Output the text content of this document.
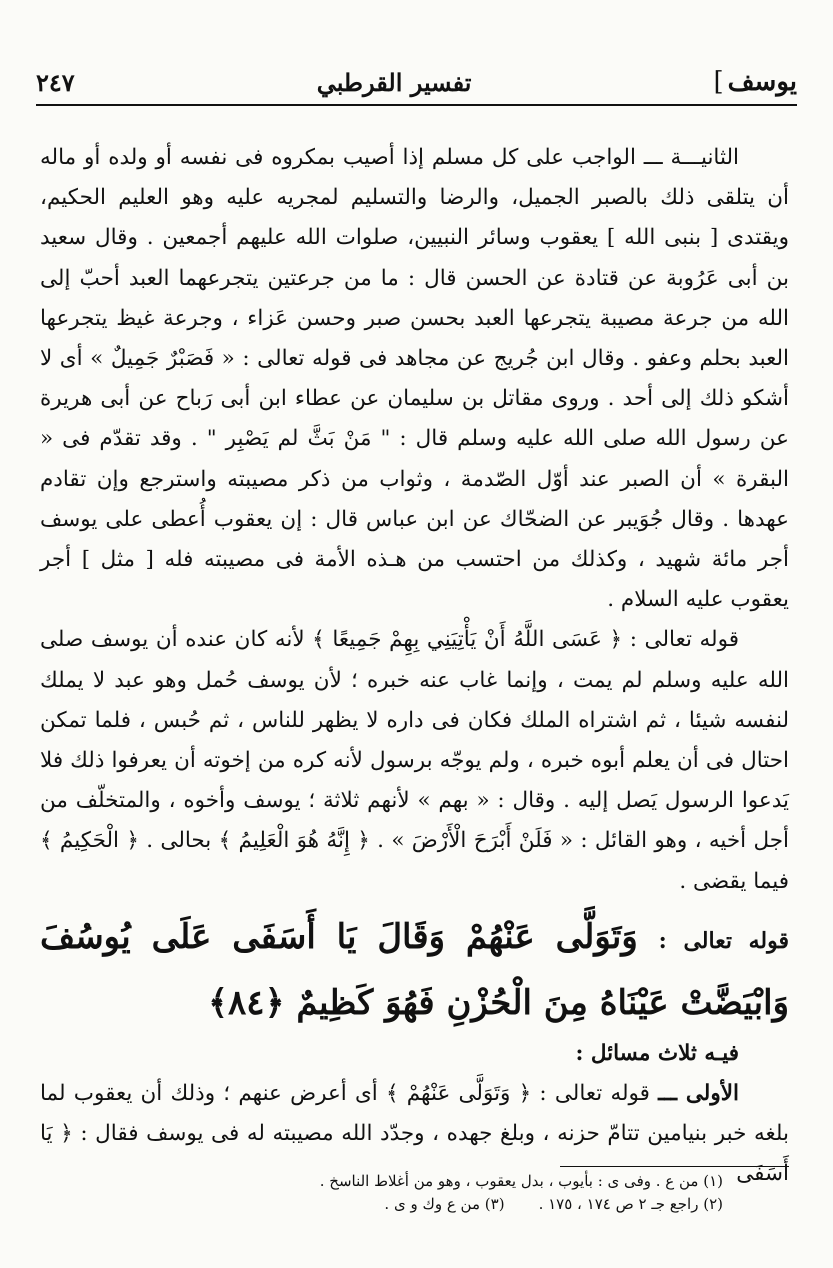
يوسف]
تفسير القرطبي
٢٤٧

الثانيـــة ـــ الواجب على كل مسلم إذا أصيب بمكروه فى نفسه أو ولده أو ماله أن يتلقى ذلك بالصبر الجميل، والرضا والتسليم لمجريه عليه وهو العليم الحكيم، ويقتدى [ بنبى الله ] يعقوب وسائر النبيين، صلوات الله عليهم أجمعين . وقال سعيد بن أبى عَرُوبة عن قتادة عن الحسن قال : ما من جرعتين يتجرعهما العبد أحبّ إلى الله من جرعة مصيبة يتجرعها العبد بحسن صبر وحسن عَزاء ، وجرعة غيظ يتجرعها العبد بحلم وعفو . وقال ابن جُريج عن مجاهد فى قوله تعالى : « فَصَبْرٌ جَمِيلٌ » أى لا أشكو ذلك إلى أحد . وروى مقاتل بن سليمان عن عطاء ابن أبى رَباح عن أبى هريرة عن رسول الله صلى الله عليه وسلم قال : " مَنْ بَثَّ لم يَصْبِر " . وقد تقدّم فى « البقرة » أن الصبر عند أوّل الصّدمة ، وثواب من ذكر مصيبته واسترجع وإن تقادم عهدها . وقال جُوَيبر عن الضحّاك عن ابن عباس قال : إن يعقوب أُعطى على يوسف أجر مائة شهيد ، وكذلك من احتسب من هـذه الأمة فى مصيبته فله [ مثل ] أجر يعقوب عليه السلام .

قوله تعالى : ﴿ عَسَى اللَّهُ أَنْ يَأْتِيَنِي بِهِمْ جَمِيعًا ﴾ لأنه كان عنده أن يوسف صلى الله عليه وسلم لم يمت ، وإنما غاب عنه خبره ؛ لأن يوسف حُمل وهو عبد لا يملك لنفسه شيئا ، ثم اشتراه الملك فكان فى داره لا يظهر للناس ، ثم حُبس ، فلما تمكن احتال فى أن يعلم أبوه خبره ، ولم يوجّه برسول لأنه كره من إخوته أن يعرفوا ذلك فلا يَدعوا الرسول يَصل إليه . وقال : « بهم » لأنهم ثلاثة ؛ يوسف وأخوه ، والمتخلّف من أجل أخيه ، وهو القائل : « فَلَنْ أَبْرَحَ الْأَرْضَ » . ﴿ إِنَّهُ هُوَ الْعَلِيمُ ﴾ بحالى . ﴿ الْحَكِيمُ ﴾ فيما يقضى .

قوله تعالى : وَتَوَلَّى عَنْهُمْ وَقَالَ يَا أَسَفَى عَلَى يُوسُفَ وَابْيَضَّتْ عَيْنَاهُ مِنَ الْحُزْنِ فَهُوَ كَظِيمٌ ﴿٨٤﴾

فيـه ثلاث مسائل :

الأولى ـــ قوله تعالى : ﴿ وَتَوَلَّى عَنْهُمْ ﴾ أى أعرض عنهم ؛ وذلك أن يعقوب لما بلغه خبر بنيامين تتامّ حزنه ، وبلغ جهده ، وجدّد الله مصيبته له فى يوسف فقال : ﴿ يَا أَسَفَى

(١) من ع . وفى ى : بأيوب ، بدل يعقوب ، وهو من أغلاط الناسخ .
(٢) راجع جـ ٢ ص ١٧٤ ، ١٧٥ .(٣) من ع وك و ى .
